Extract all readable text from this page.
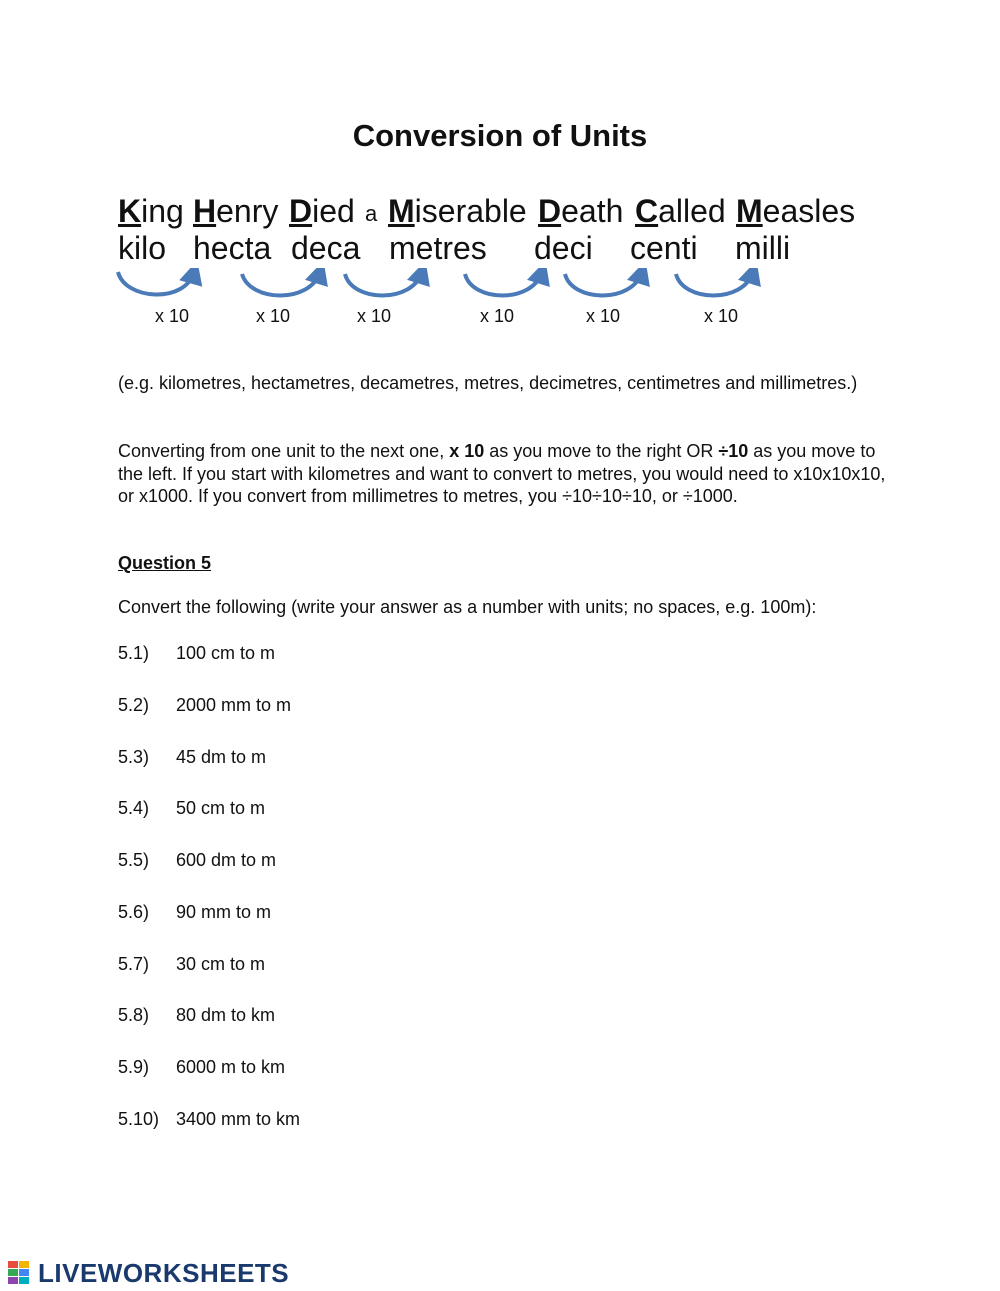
Conversion of Units
King Henry Died a Miserable Death Called Measles
kilo hecta deca metres deci centi milli
x 10	x 10	x 10	x 10	x 10	x 10

(e.g. kilometres, hectametres, decametres, metres, decimetres, centimetres and millimetres.)

Converting from one unit to the next one, x 10 as you move to the right OR ÷10 as you move to the left. If you start with kilometres and want to convert to metres, you would need to x10x10x10, or x1000. If you convert from millimetres to metres, you ÷10÷10÷10, or ÷1000.

Question 5
Convert the following (write your answer as a number with units; no spaces, e.g. 100m):
5.1) 100 cm to m
5.2) 2000 mm to m
5.3) 45 dm to m
5.4) 50 cm to m
5.5) 600 dm to m
5.6) 90 mm to m
5.7) 30 cm to m
5.8) 80 dm to km
5.9) 6000 m to km
5.10) 3400 mm to km
LIVEWORKSHEETS
